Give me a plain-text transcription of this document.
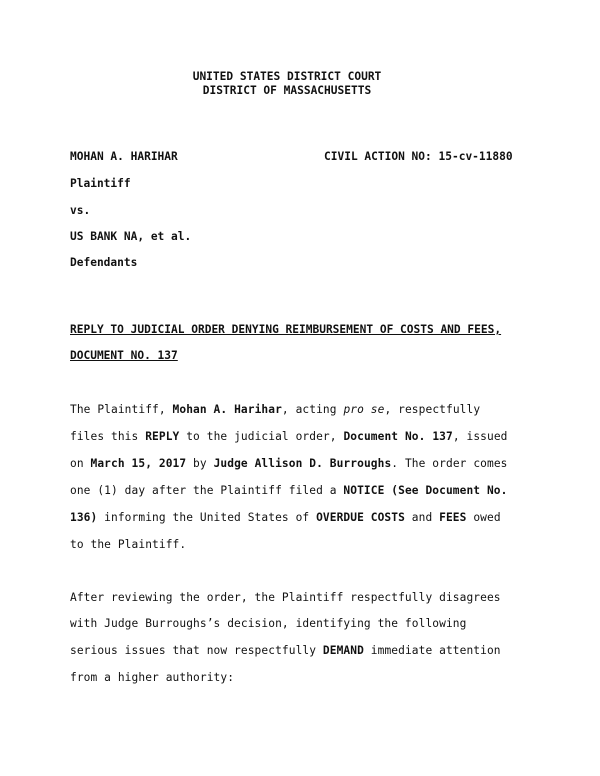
UNITED STATES DISTRICT COURT
DISTRICT OF MASSACHUSETTS
MOHAN A. HARIHAR	CIVIL ACTION NO: 15-cv-11880
Plaintiff
vs.
US BANK NA, et al.
Defendants
REPLY TO JUDICIAL ORDER DENYING REIMBURSEMENT OF COSTS AND FEES,
DOCUMENT NO. 137
The Plaintiff, Mohan A. Harihar, acting pro se, respectfully
files this REPLY to the judicial order, Document No. 137, issued
on March 15, 2017 by Judge Allison D. Burroughs. The order comes
one (1) day after the Plaintiff filed a NOTICE (See Document No.
136) informing the United States of OVERDUE COSTS and FEES owed
to the Plaintiff.
After reviewing the order, the Plaintiff respectfully disagrees
with Judge Burroughs’s decision, identifying the following
serious issues that now respectfully DEMAND immediate attention
from a higher authority:
